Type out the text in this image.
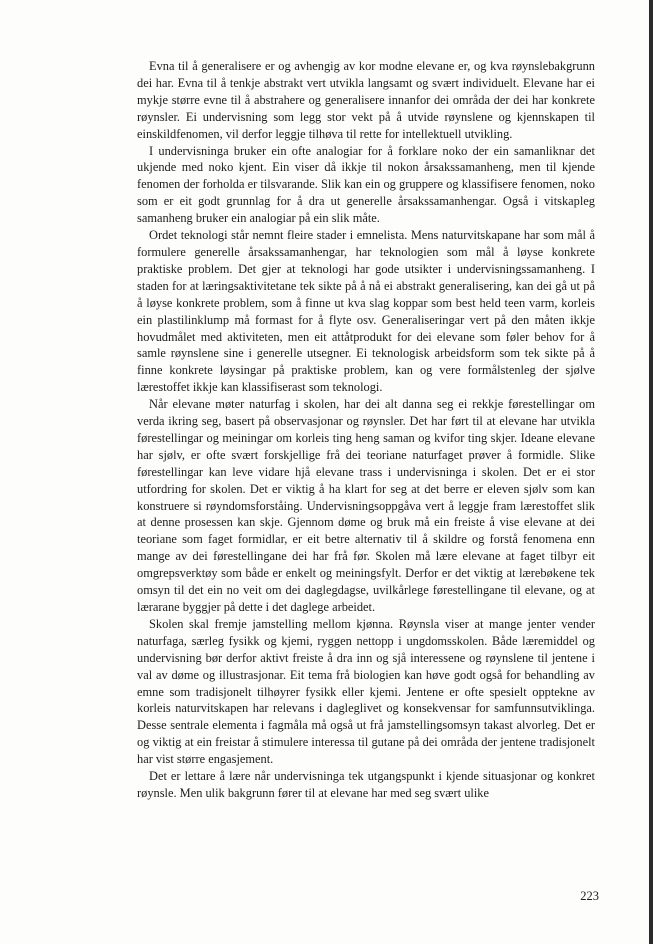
Evna til å generalisere er og avhengig av kor modne elevane er, og kva røynslebakgrunn dei har. Evna til å tenkje abstrakt vert utvikla langsamt og svært individuelt. Elevane har ei mykje større evne til å abstrahere og generalisere innanfor dei områda der dei har konkrete røynsler. Ei undervisning som legg stor vekt på å utvide røynslene og kjennskapen til einskildfenomen, vil derfor leggje tilhøva til rette for intellektuell utvikling.

I undervisninga bruker ein ofte analogiar for å forklare noko der ein samanliknar det ukjende med noko kjent. Ein viser då ikkje til nokon årsakssamanheng, men til kjende fenomen der forholda er tilsvarande. Slik kan ein og gruppere og klassifisere fenomen, noko som er eit godt grunnlag for å dra ut generelle årsakssamanhengar. Også i vitskapleg samanheng bruker ein analogiar på ein slik måte.

Ordet teknologi står nemnt fleire stader i emnelista. Mens naturvitskapane har som mål å formulere generelle årsakssamanhengar, har teknologien som mål å løyse konkrete praktiske problem. Det gjer at teknologi har gode utsikter i undervisningssamanheng. I staden for at læringsaktivitetane tek sikte på å nå ei abstrakt generalisering, kan dei gå ut på å løyse konkrete problem, som å finne ut kva slag koppar som best held teen varm, korleis ein plastilinklump må formast for å flyte osv. Generaliseringar vert på den måten ikkje hovudmålet med aktiviteten, men eit attåtprodukt for dei elevane som føler behov for å samle røynslene sine i generelle utsegner. Ei teknologisk arbeidsform som tek sikte på å finne konkrete løysingar på praktiske problem, kan og vere formålstenleg der sjølve lærestoffet ikkje kan klassifiserast som teknologi.

Når elevane møter naturfag i skolen, har dei alt danna seg ei rekkje førestellingar om verda ikring seg, basert på observasjonar og røynsler. Det har ført til at elevane har utvikla førestellingar og meiningar om korleis ting heng saman og kvifor ting skjer. Ideane elevane har sjølv, er ofte svært forskjellige frå dei teoriane naturfaget prøver å formidle. Slike førestellingar kan leve vidare hjå elevane trass i undervisninga i skolen. Det er ei stor utfordring for skolen. Det er viktig å ha klart for seg at det berre er eleven sjølv som kan konstruere si røyndomsforståing. Undervisningsoppgåva vert å leggje fram lærestoffet slik at denne prosessen kan skje. Gjennom døme og bruk må ein freiste å vise elevane at dei teoriane som faget formidlar, er eit betre alternativ til å skildre og forstå fenomena enn mange av dei førestellingane dei har frå før. Skolen må lære elevane at faget tilbyr eit omgrepsverktøy som både er enkelt og meiningsfylt. Derfor er det viktig at lærebøkene tek omsyn til det ein no veit om dei daglegdagse, uvilkårlege førestellingane til elevane, og at lærarane byggjer på dette i det daglege arbeidet.

Skolen skal fremje jamstelling mellom kjønna. Røynsla viser at mange jenter vender naturfaga, særleg fysikk og kjemi, ryggen nettopp i ungdomsskolen. Både læremiddel og undervisning bør derfor aktivt freiste å dra inn og sjå interessene og røynslene til jentene i val av døme og illustrasjonar. Eit tema frå biologien kan høve godt også for behandling av emne som tradisjonelt tilhøyrer fysikk eller kjemi. Jentene er ofte spesielt opptekne av korleis naturvitskapen har relevans i dagleglivet og konsekvensar for samfunnsutviklinga. Desse sentrale elementa i fagmåla må også ut frå jamstellingsomsyn takast alvorleg. Det er og viktig at ein freistar å stimulere interessa til gutane på dei områda der jentene tradisjonelt har vist større engasjement.

Det er lettare å lære når undervisninga tek utgangspunkt i kjende situasjonar og konkret røynsle. Men ulik bakgrunn fører til at elevane har med seg svært ulike

223
